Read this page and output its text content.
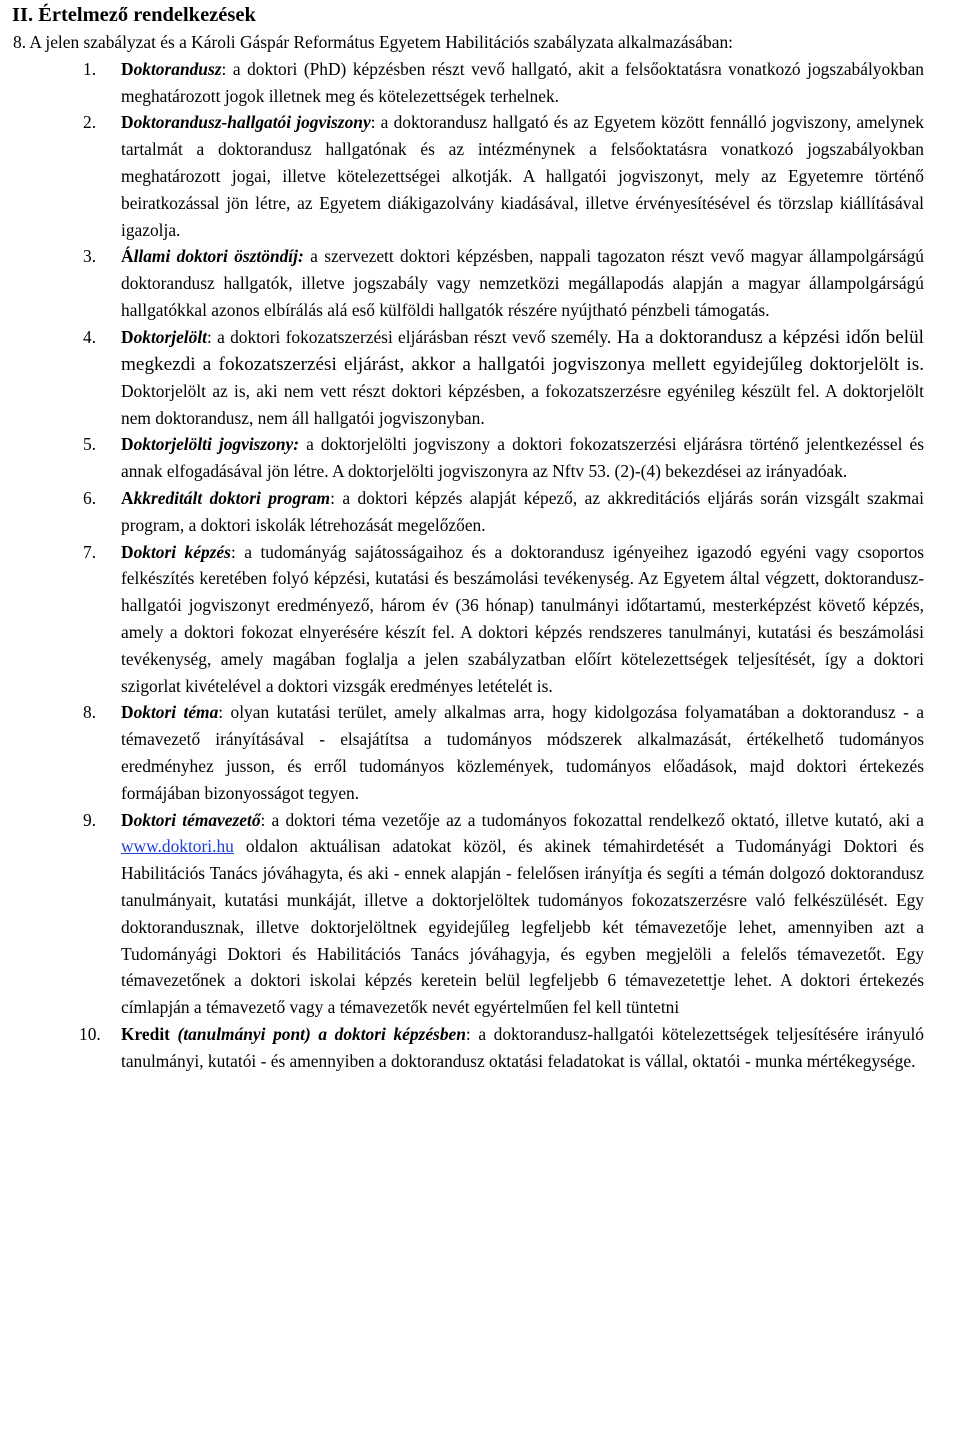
II. Értelmező rendelkezések
8. A jelen szabályzat és a Károli Gáspár Református Egyetem Habilitációs szabályzata alkalmazásában:
1.	Doktorandusz: a doktori (PhD) képzésben részt vevő hallgató, akit a felsőoktatásra vonatkozó jogszabályokban meghatározott jogok illetnek meg és kötelezettségek terhelnek.
2.	Doktorandusz-hallgatói jogviszony: a doktorandusz hallgató és az Egyetem között fennálló jogviszony, amelynek tartalmát a doktorandusz hallgatónak és az intézménynek a felsőoktatásra vonatkozó jogszabályokban meghatározott jogai, illetve kötelezettségei alkotják. A hallgatói jogviszonyt, mely az Egyetemre történő beiratkozással jön létre, az Egyetem diákigazolvány kiadásával, illetve érvényesítésével és törzslap kiállításával igazolja.
3.	Állami doktori ösztöndíj: a szervezett doktori képzésben, nappali tagozaton részt vevő magyar állampolgárságú doktorandusz hallgatók, illetve jogszabály vagy nemzetközi megállapodás alapján a magyar állampolgárságú hallgatókkal azonos elbírálás alá eső külföldi hallgatók részére nyújtható pénzbeli támogatás.
4.	Doktorjelölt: a doktori fokozatszerzési eljárásban részt vevő személy. Ha a doktorandusz a képzési időn belül megkezdi a fokozatszerzési eljárást, akkor a hallgatói jogviszonya mellett egyidejűleg doktorjelölt is. Doktorjelölt az is, aki nem vett részt doktori képzésben, a fokozatszerzésre egyénileg készült fel. A doktorjelölt nem doktorandusz, nem áll hallgatói jogviszonyban.
5.	Doktorjelölti jogviszony: a doktorjelölti jogviszony a doktori fokozatszerzési eljárásra történő jelentkezéssel és annak elfogadásával jön létre. A doktorjelölti jogviszonyra az Nftv 53. (2)-(4) bekezdései az irányadóak.
6.	Akkreditált doktori program: a doktori képzés alapját képező, az akkreditációs eljárás során vizsgált szakmai program, a doktori iskolák létrehozását megelőzően.
7.	Doktori képzés: a tudományág sajátosságaihoz és a doktorandusz igényeihez igazodó egyéni vagy csoportos felkészítés keretében folyó képzési, kutatási és beszámolási tevékenység. Az Egyetem által végzett, doktorandusz-hallgatói jogviszonyt eredményező, három év (36 hónap) tanulmányi időtartamú, mesterképzést követő képzés, amely a doktori fokozat elnyerésére készít fel. A doktori képzés rendszeres tanulmányi, kutatási és beszámolási tevékenység, amely magában foglalja a jelen szabályzatban előírt kötelezettségek teljesítését, így a doktori szigorlat kivételével a doktori vizsgák eredményes letételét is.
8.	Doktori téma: olyan kutatási terület, amely alkalmas arra, hogy kidolgozása folyamatában a doktorandusz - a témavezető irányításával - elsajátítsa a tudományos módszerek alkalmazását, értékelhető tudományos eredményhez jusson, és erről tudományos közlemények, tudományos előadások, majd doktori értekezés formájában bizonyosságot tegyen.
9.	Doktori témavezető: a doktori téma vezetője az a tudományos fokozattal rendelkező oktató, illetve kutató, aki a www.doktori.hu oldalon aktuálisan adatokat közöl, és akinek témahirdetését a Tudományági Doktori és Habilitációs Tanács jóváhagyta, és aki - ennek alapján - felelősen irányítja és segíti a témán dolgozó doktorandusz tanulmányait, kutatási munkáját, illetve a doktorjelöltek tudományos fokozatszerzésre való felkészülését. Egy doktorandusznak, illetve doktorjelöltnek egyidejűleg legfeljebb két témavezetője lehet, amennyiben azt a Tudományági Doktori és Habilitációs Tanács jóváhagyja, és egyben megjelöli a felelős témavezetőt. Egy témavezetőnek a doktori iskolai képzés keretein belül legfeljebb 6 témavezetettje lehet. A doktori értekezés címlapján a témavezető vagy a témavezetők nevét egyértelműen fel kell tüntetni
10.	Kredit (tanulmányi pont) a doktori képzésben: a doktorandusz-hallgatói kötelezettségek teljesítésére irányuló tanulmányi, kutatói - és amennyiben a doktorandusz oktatási feladatokat is vállal, oktatói - munka mértékegysége.
